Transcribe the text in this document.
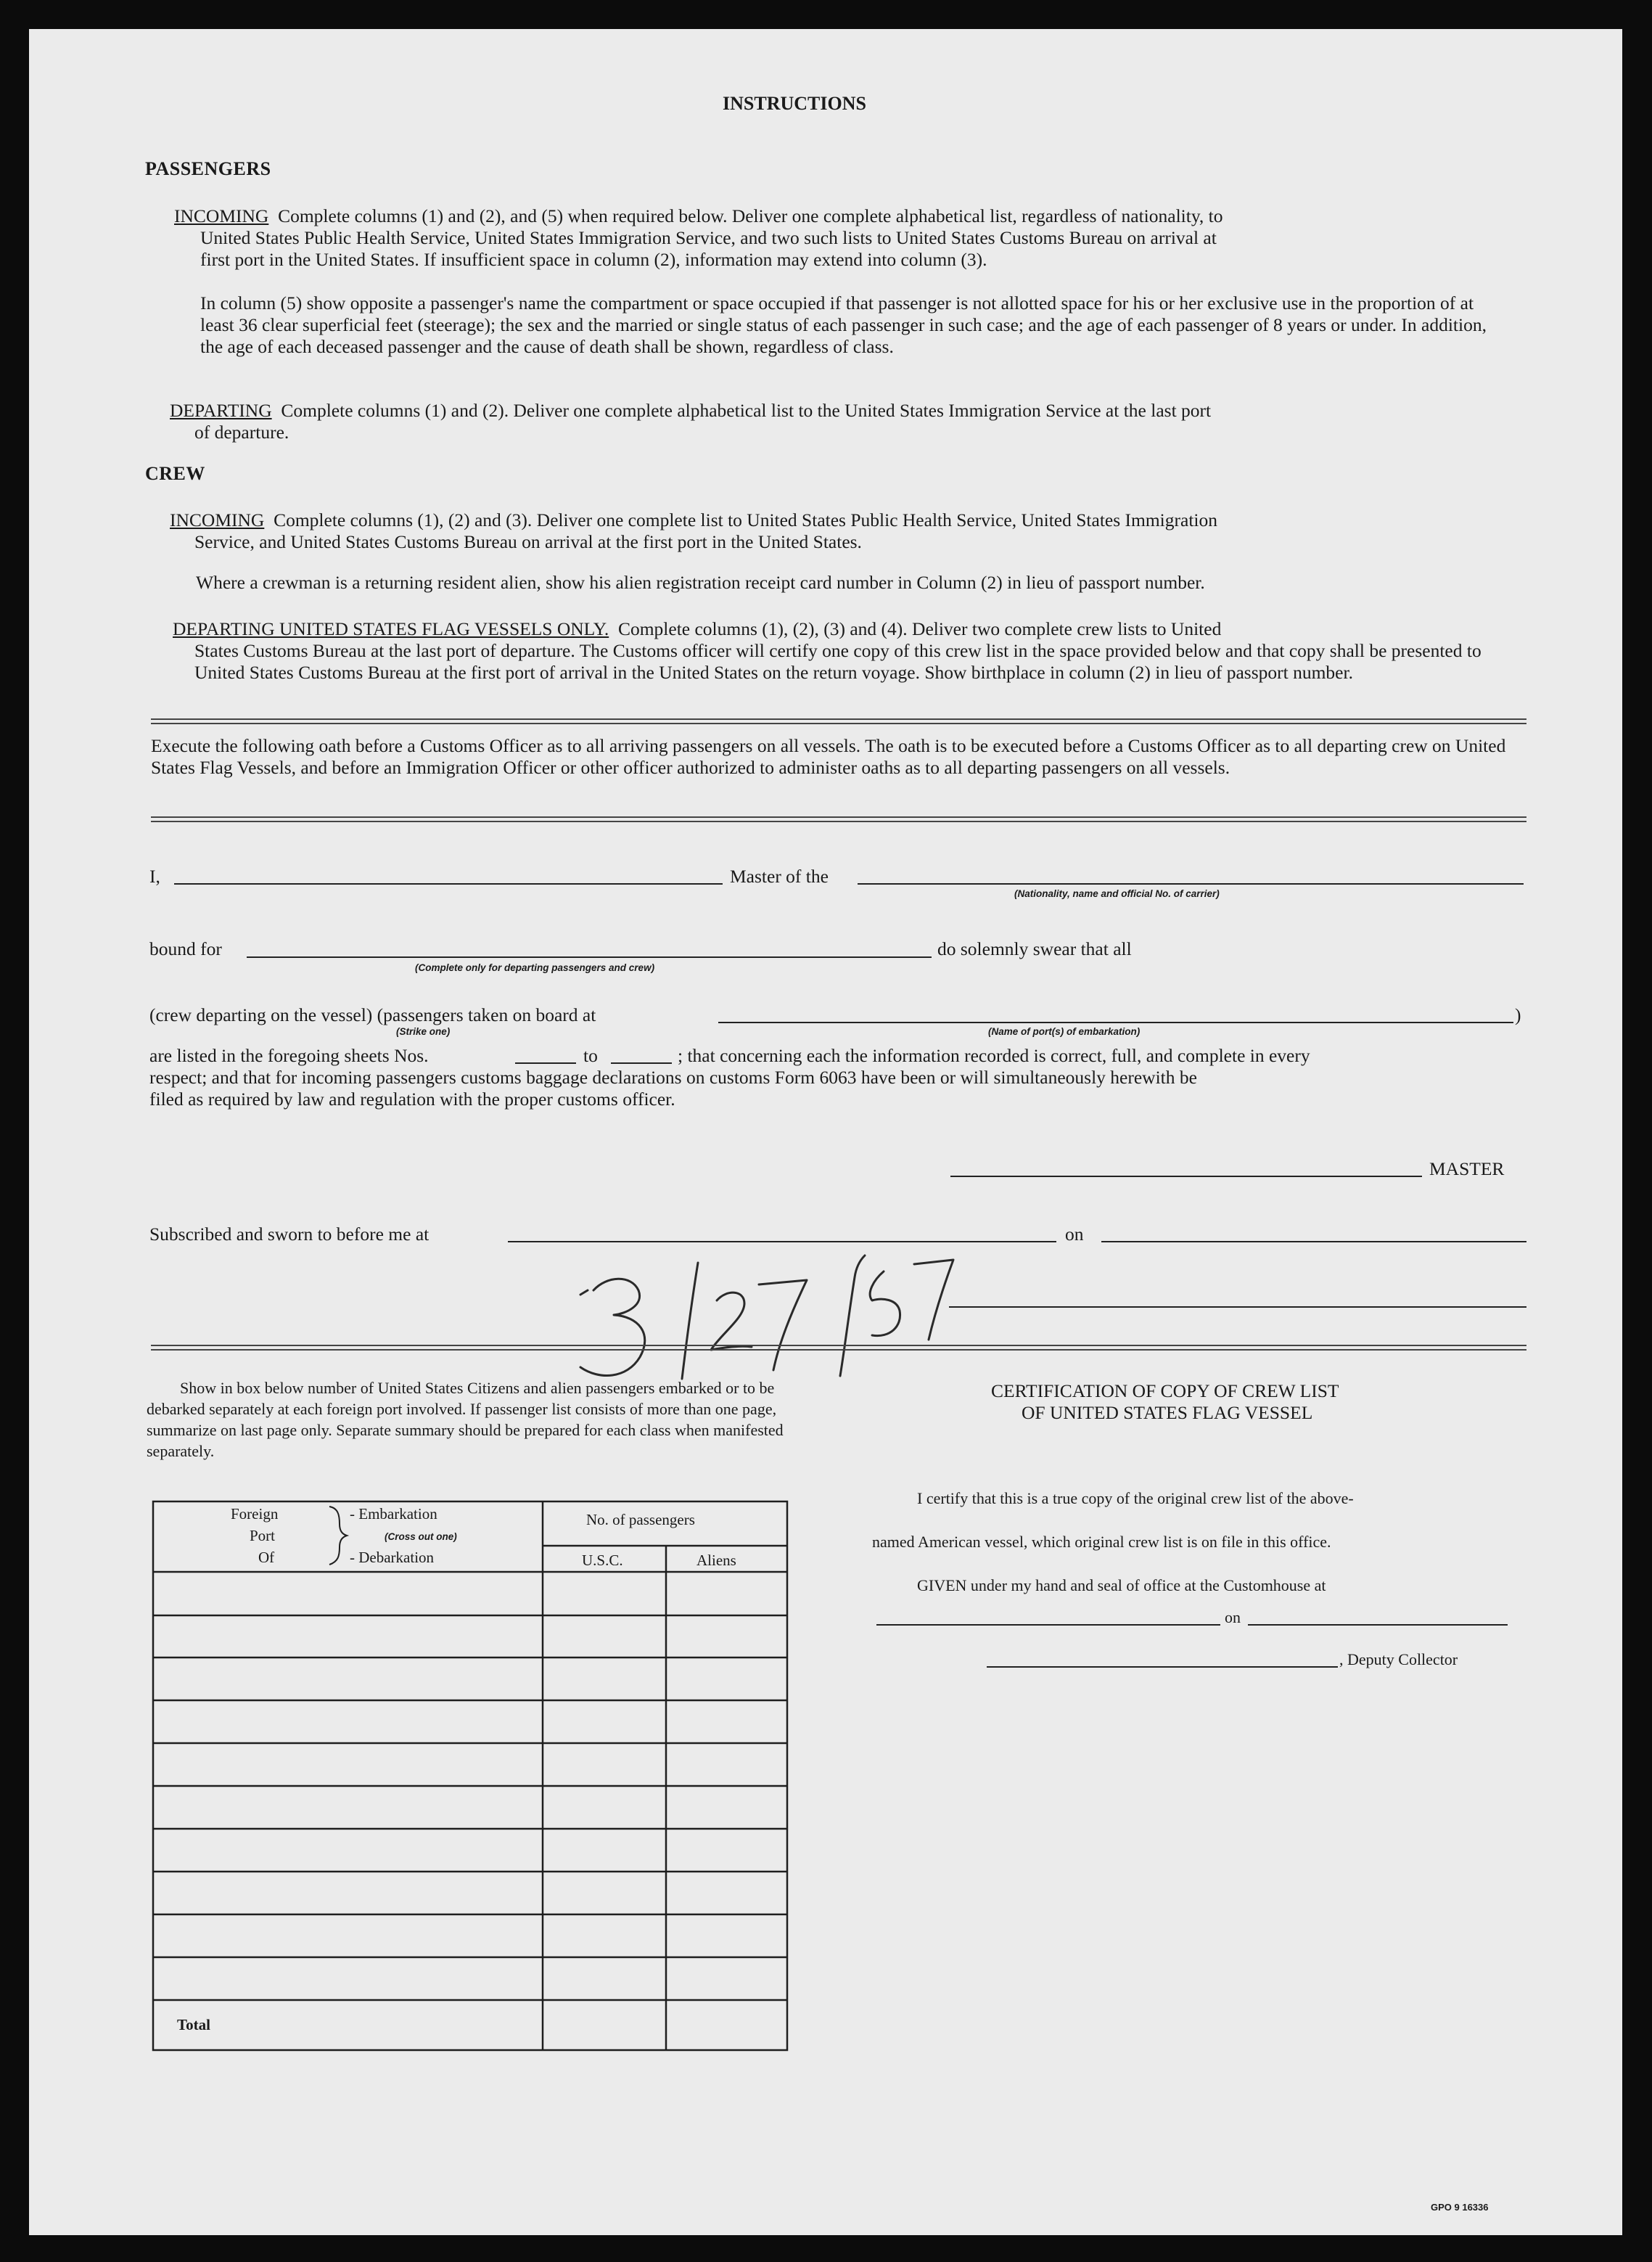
INSTRUCTIONS
PASSENGERS
INCOMING Complete columns (1) and (2), and (5) when required below. Deliver one complete alphabetical list, regardless of nationality, to
United States Public Health Service, United States Immigration Service, and two such lists to United States Customs Bureau on arrival at
first port in the United States. If insufficient space in column (2), information may extend into column (3).
In column (5) show opposite a passenger's name the compartment or space occupied if that passenger is not allotted space for his or her exclusive use in the proportion of at least 36 clear superficial feet (steerage); the sex and the married or single status of each passenger in such case; and the age of each passenger of 8 years or under. In addition, the age of each deceased passenger and the cause of death shall be shown, regardless of class.
DEPARTING Complete columns (1) and (2). Deliver one complete alphabetical list to the United States Immigration Service at the last port
of departure.
CREW
INCOMING Complete columns (1), (2) and (3). Deliver one complete list to United States Public Health Service, United States Immigration
Service, and United States Customs Bureau on arrival at the first port in the United States.
Where a crewman is a returning resident alien, show his alien registration receipt card number in Column (2) in lieu of passport number.
DEPARTING UNITED STATES FLAG VESSELS ONLY. Complete columns (1), (2), (3) and (4). Deliver two complete crew lists to United
States Customs Bureau at the last port of departure. The Customs officer will certify one copy of this crew list in the space provided below and that copy shall be presented to United States Customs Bureau at the first port of arrival in the United States on the return voyage. Show birthplace in column (2) in lieu of passport number.
Execute the following oath before a Customs Officer as to all arriving passengers on all vessels. The oath is to be executed before a Customs Officer as to all departing crew on United States Flag Vessels, and before an Immigration Officer or other officer authorized to administer oaths as to all departing passengers on all vessels.
I,	Master of the
(Nationality, name and official No. of carrier)
bound for	do solemnly swear that all
(Complete only for departing passengers and crew)
(crew departing on the vessel) (passengers taken on board at	)
(Strike one)	(Name of port(s) of embarkation)
are listed in the foregoing sheets Nos.	to	; that concerning each the information recorded is correct, full, and complete in every
respect; and that for incoming passengers customs baggage declarations on customs Form 6063 have been or will simultaneously herewith be
filed as required by law and regulation with the proper customs officer.
MASTER
Subscribed and sworn to before me at	on
Show in box below number of United States Citizens and alien passengers embarked or to be debarked separately at each foreign port involved. If passenger list consists of more than one page, summarize on last page only. Separate summary should be prepared for each class when manifested separately.
Foreign
Port
Of
- Embarkation
(Cross out one)
- Debarkation
No. of passengers
U.S.C.	Aliens
Total
CERTIFICATION OF COPY OF CREW LIST
OF UNITED STATES FLAG VESSEL
I certify that this is a true copy of the original crew list of the above-
named American vessel, which original crew list is on file in this office.
GIVEN under my hand and seal of office at the Customhouse at
on
, Deputy Collector
GPO 9 16336
